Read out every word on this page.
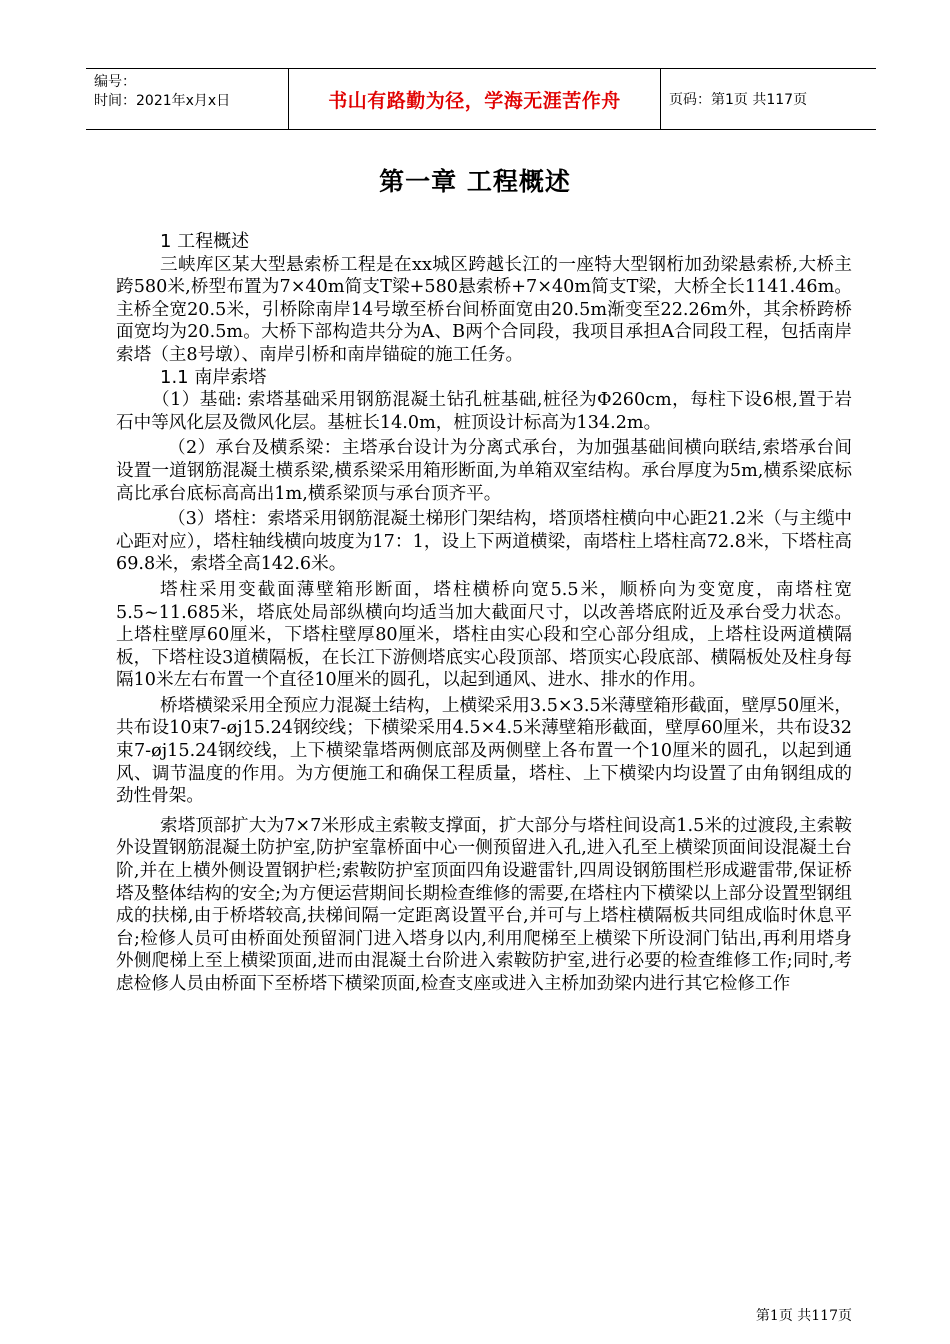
编号：
时间：2021年x月x日	书山有路勤为径，学海无涯苦作舟	页码：第1页 共117页
第一章 工程概述

1 工程概述

三峡库区某大型悬索桥工程是在xx城区跨越长江的一座特大型钢桁加劲梁悬索桥,大桥主跨580米,桥型布置为7×40m简支T梁+580悬索桥+7×40m简支T梁，大桥全长1141.46m。主桥全宽20.5米，引桥除南岸14号墩至桥台间桥面宽由20.5m渐变至22.26m外，其余桥跨桥面宽均为20.5m。大桥下部构造共分为A、B两个合同段，我项目承担A合同段工程，包括南岸索塔（主8号墩）、南岸引桥和南岸锚碇的施工任务。

1.1 南岸索塔

（1）基础: 索塔基础采用钢筋混凝土钻孔桩基础,桩径为Φ260cm，每柱下设6根,置于岩石中等风化层及微风化层。基桩长14.0m，桩顶设计标高为134.2m。

（2）承台及横系梁：主塔承台设计为分离式承台，为加强基础间横向联结,索塔承台间设置一道钢筋混凝土横系梁,横系梁采用箱形断面,为单箱双室结构。承台厚度为5m,横系梁底标高比承台底标高高出1m,横系梁顶与承台顶齐平。

（3）塔柱：索塔采用钢筋混凝土梯形门架结构，塔顶塔柱横向中心距21.2米（与主缆中心距对应），塔柱轴线横向坡度为17：1，设上下两道横梁，南塔柱上塔柱高72.8米，下塔柱高69.8米，索塔全高142.6米。

塔柱采用变截面薄壁箱形断面，塔柱横桥向宽5.5米，顺桥向为变宽度，南塔柱宽5.5~11.685米，塔底处局部纵横向均适当加大截面尺寸，以改善塔底附近及承台受力状态。上塔柱壁厚60厘米，下塔柱壁厚80厘米，塔柱由实心段和空心部分组成，上塔柱设两道横隔板，下塔柱设3道横隔板，在长江下游侧塔底实心段顶部、塔顶实心段底部、横隔板处及柱身每隔10米左右布置一个直径10厘米的圆孔，以起到通风、进水、排水的作用。

桥塔横梁采用全预应力混凝土结构，上横梁采用3.5×3.5米薄壁箱形截面，壁厚50厘米，共布设10束7-øj15.24钢绞线；下横梁采用4.5×4.5米薄壁箱形截面，壁厚60厘米，共布设32束7-øj15.24钢绞线，上下横梁靠塔两侧底部及两侧壁上各布置一个10厘米的圆孔，以起到通风、调节温度的作用。为方便施工和确保工程质量，塔柱、上下横梁内均设置了由角钢组成的劲性骨架。

索塔顶部扩大为7×7米形成主索鞍支撑面，扩大部分与塔柱间设高1.5米的过渡段,主索鞍外设置钢筋混凝土防护室,防护室靠桥面中心一侧预留进入孔,进入孔至上横梁顶面间设混凝土台阶,并在上横外侧设置钢护栏;索鞍防护室顶面四角设避雷针,四周设钢筋围栏形成避雷带,保证桥塔及整体结构的安全;为方便运营期间长期检查维修的需要,在塔柱内下横梁以上部分设置型钢组成的扶梯,由于桥塔较高,扶梯间隔一定距离设置平台,并可与上塔柱横隔板共同组成临时休息平台;检修人员可由桥面处预留洞门进入塔身以内,利用爬梯至上横梁下所设洞门钻出,再利用塔身外侧爬梯上至上横梁顶面,进而由混凝土台阶进入索鞍防护室,进行必要的检查维修工作;同时,考虑检修人员由桥面下至桥塔下横梁顶面,检查支座或进入主桥加劲梁内进行其它检修工作

第1页 共117页
